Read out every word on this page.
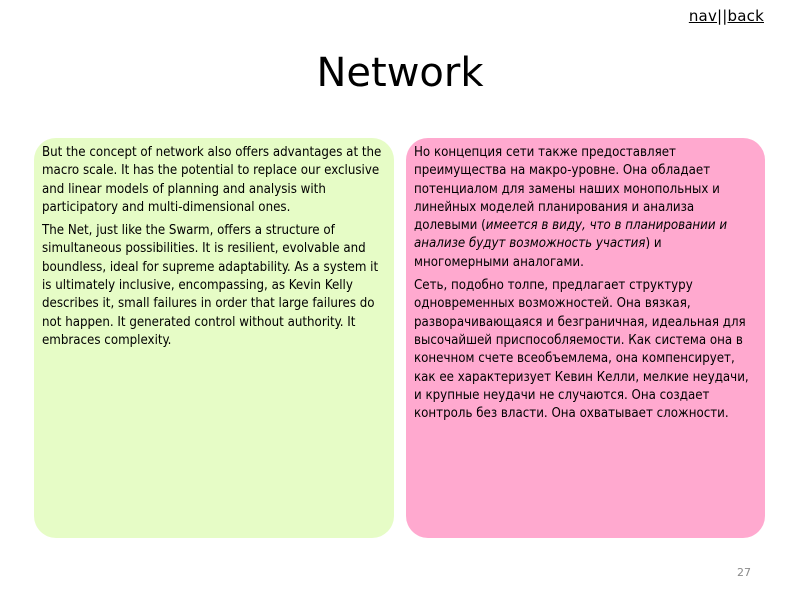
nav||back
Network

But the concept of network also offers advantages at the macro scale. It has the potential to replace our exclusive and linear models of planning and analysis with participatory and multi-dimensional ones.

The Net, just like the Swarm, offers a structure of simultaneous possibilities. It is resilient, evolvable and boundless, ideal for supreme adaptability. As a system it is ultimately inclusive, encompassing, as Kevin Kelly describes it, small failures in order that large failures do not happen. It generated control without authority. It embraces complexity.

Но концепция сети также предоставляет преимущества на макро-уровне. Она обладает потенциалом для замены наших монопольных и линейных моделей планирования и анализа долевыми (имеется в виду, что в планировании и анализе будут возможность участия) и многомерными аналогами.

Сеть, подобно толпе, предлагает структуру одновременных возможностей. Она вязкая, разворачивающаяся и безграничная, идеальная для высочайшей приспособляемости. Как система она в конечном счете всеобъемлема, она компенсирует, как ее характеризует Кевин Келли, мелкие неудачи, и крупные неудачи не случаются. Она создает контроль без власти. Она охватывает сложности.

27
